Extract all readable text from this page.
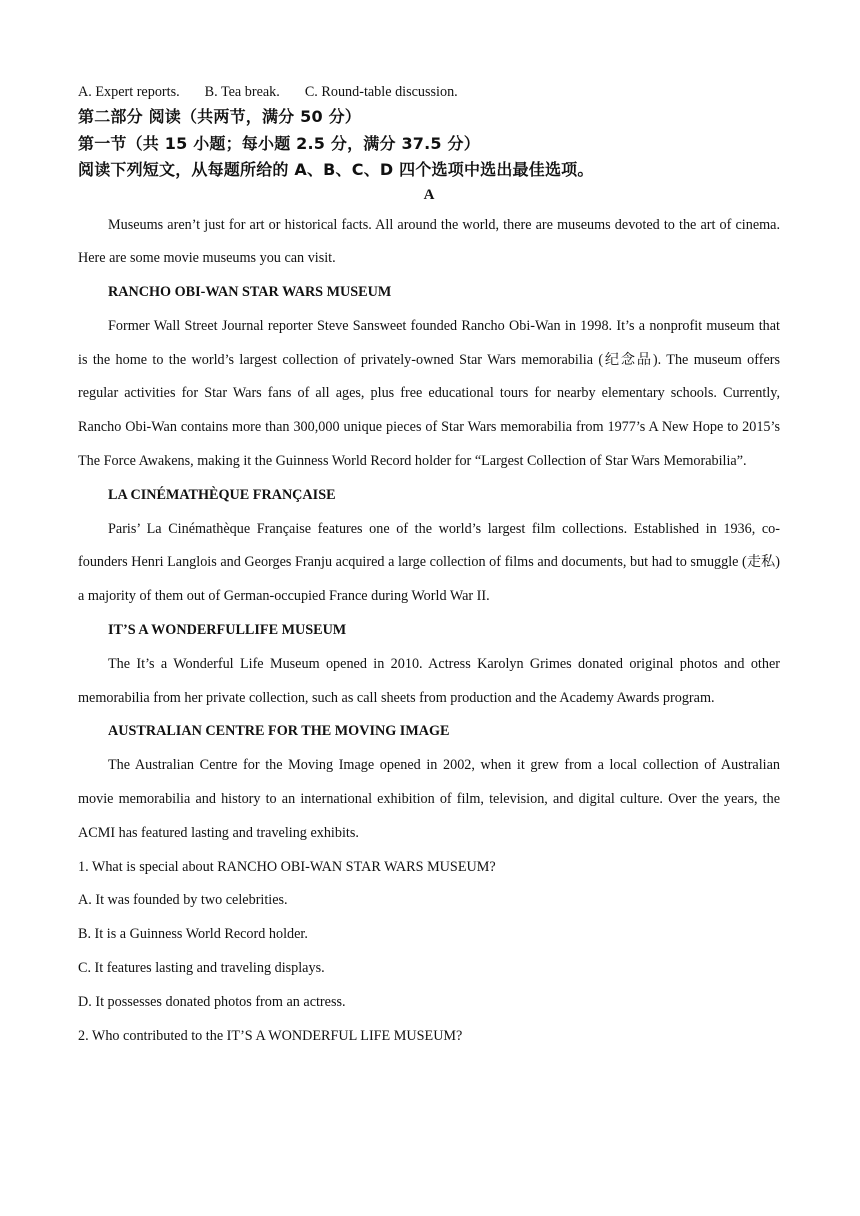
A. Expert reports. B. Tea break. C. Round-table discussion.
第二部分 阅读（共两节，满分 50 分）
第一节（共 15 小题；每小题 2.5 分，满分 37.5 分）
阅读下列短文，从每题所给的 A、B、C、D 四个选项中选出最佳选项。
A
Museums aren’t just for art or historical facts. All around the world, there are museums devoted to the art of cinema. Here are some movie museums you can visit.
RANCHO OBI-WAN STAR WARS MUSEUM
Former Wall Street Journal reporter Steve Sansweet founded Rancho Obi-Wan in 1998. It’s a nonprofit museum that is the home to the world’s largest collection of privately-owned Star Wars memorabilia (纪念品). The museum offers regular activities for Star Wars fans of all ages, plus free educational tours for nearby elementary schools. Currently, Rancho Obi-Wan contains more than 300,000 unique pieces of Star Wars memorabilia from 1977’s A New Hope to 2015’s The Force Awakens, making it the Guinness World Record holder for “Largest Collection of Star Wars Memorabilia”.
LA CINÉMATHÈQUE FRANÇAISE
Paris’ La Cinémathèque Française features one of the world’s largest film collections. Established in 1936, co-founders Henri Langlois and Georges Franju acquired a large collection of films and documents, but had to smuggle (走私) a majority of them out of German-occupied France during World War II.
IT’S A WONDERFULLIFE MUSEUM
The It’s a Wonderful Life Museum opened in 2010. Actress Karolyn Grimes donated original photos and other memorabilia from her private collection, such as call sheets from production and the Academy Awards program.
AUSTRALIAN CENTRE FOR THE MOVING IMAGE
The Australian Centre for the Moving Image opened in 2002, when it grew from a local collection of Australian movie memorabilia and history to an international exhibition of film, television, and digital culture. Over the years, the ACMI has featured lasting and traveling exhibits.
1. What is special about RANCHO OBI-WAN STAR WARS MUSEUM?
A. It was founded by two celebrities.
B. It is a Guinness World Record holder.
C. It features lasting and traveling displays.
D. It possesses donated photos from an actress.
2. Who contributed to the IT’S A WONDERFUL LIFE MUSEUM?
